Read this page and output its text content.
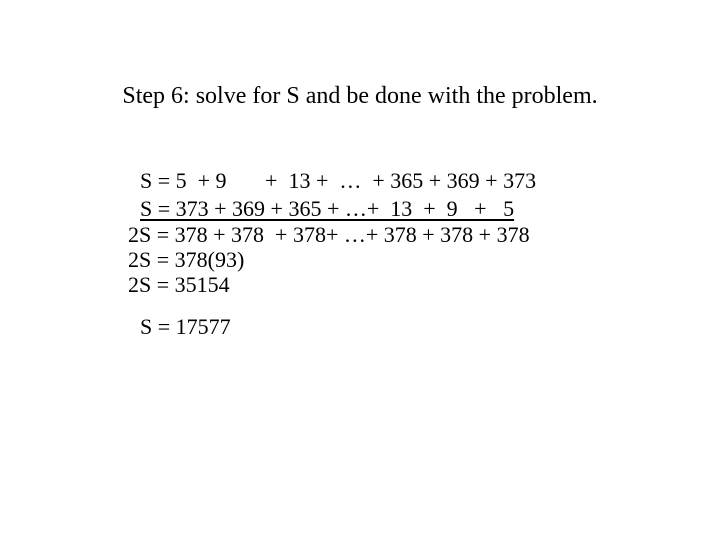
Step 6: solve for S and be done with the problem.
S = 5  + 9       +  13 +  …  + 365 + 369 + 373
S = 373 + 369 + 365 + …+  13  +  9   +   5
2S = 378 + 378  + 378+ …+ 378 + 378 + 378
2S = 378(93)
2S = 35154
S = 17577
